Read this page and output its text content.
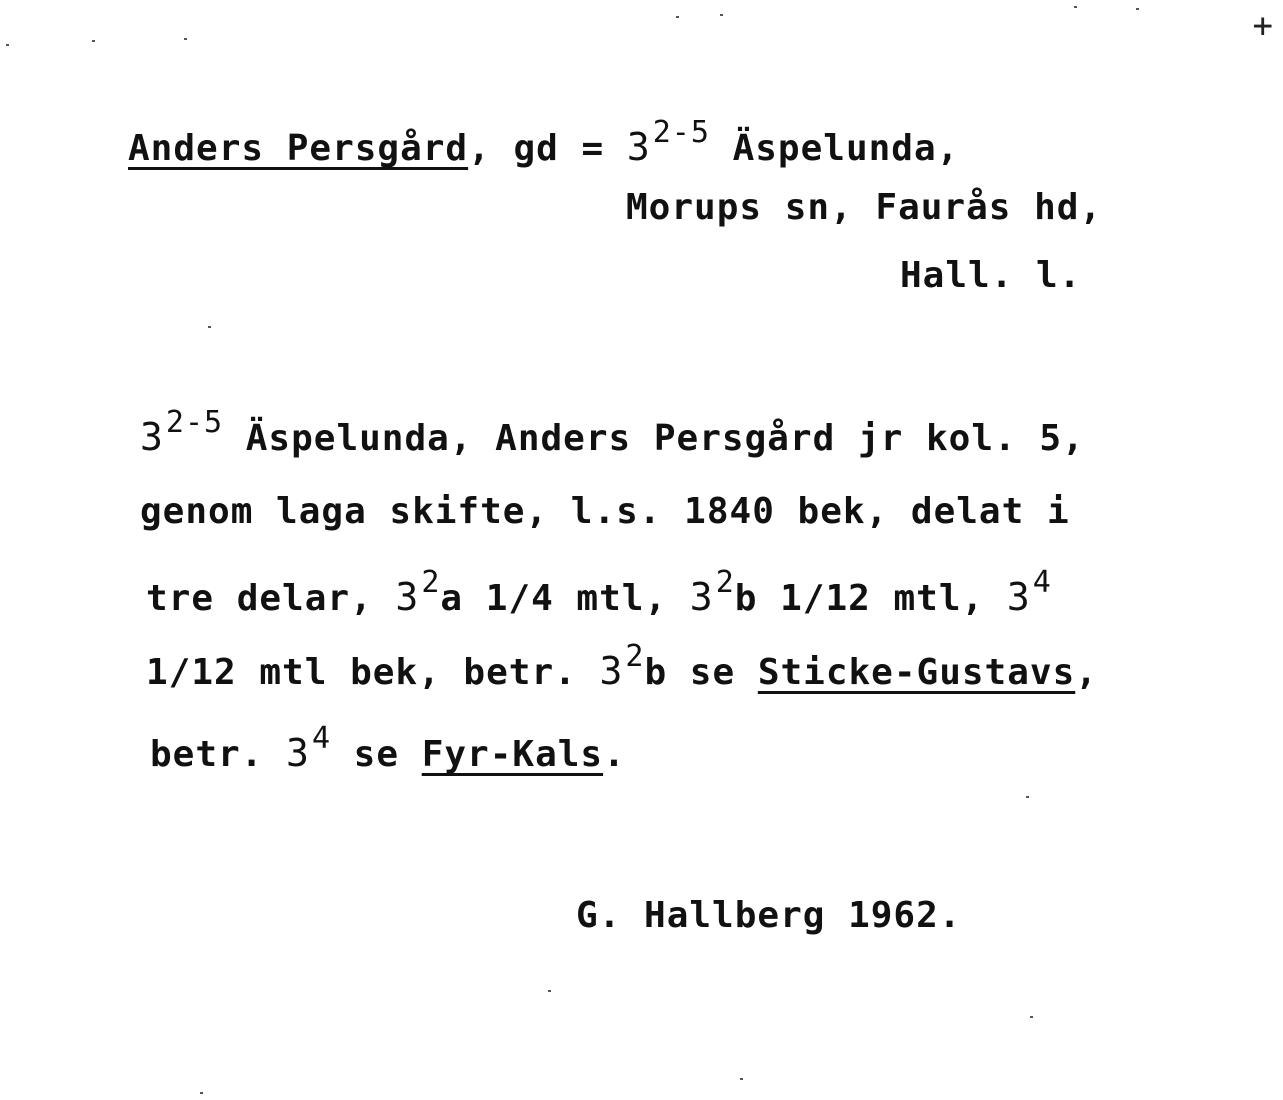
+
Anders Persgård, gd = $3^{2-5}$ Äspelunda,
Morups sn, Faurås hd,
Hall. l.
3$^{2-5}$ Äspelunda, Anders Persgård jr kol. 5,
genom laga skifte, l.s. 1840 bek, delat i
tre delar, $3^2a$ 1/4 mtl, $3^2b$ 1/12 mtl, $3^4$
1/12 mtl bek, betr. $3^2b$ se Sticke-Gustavs,
betr. $3^4$ se Fyr-Kals.
G. Hallberg 1962.
